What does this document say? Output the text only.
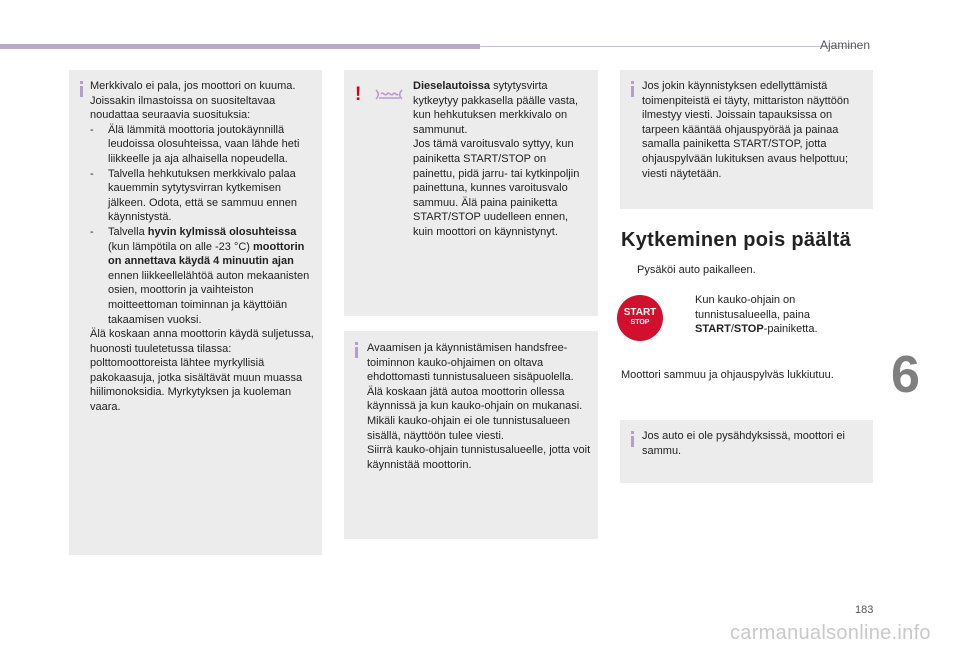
Ajaminen

Merkkivalo ei pala, jos moottori on kuuma. Joissakin ilmastoissa on suositeltavaa noudattaa seuraavia suosituksia:

- Älä lämmitä moottoria joutokäynnillä leudoissa olosuhteissa, vaan lähde heti liikkeelle ja aja alhaisella nopeudella.

- Talvella hehkutuksen merkkivalo palaa kauemmin sytytysvirran kytkemisen jälkeen. Odota, että se sammuu ennen käynnistystä.

- Talvella hyvin kylmissä olosuhteissa (kun lämpötila on alle -23 °C) moottorin on annettava käydä 4 minuutin ajan ennen liikkeellelähtöä auton mekaanisten osien, moottorin ja vaihteiston moitteettoman toiminnan ja käyttöiän takaamisen vuoksi.

Älä koskaan anna moottorin käydä suljetussa, huonosti tuuletetussa tilassa: polttomoottoreista lähtee myrkyllisiä pakokaasuja, jotka sisältävät muun muassa hiilimonoksidia. Myrkytyksen ja kuoleman vaara.

!	Dieselautoissa sytytysvirta kytkeytyy pakkasella päälle vasta, kun hehkutuksen merkkivalo on sammunut.

Jos tämä varoitusvalo syttyy, kun painiketta START/STOP on painettu, pidä jarru- tai kytkinpoljin painettuna, kunnes varoitusvalo sammuu. Älä paina painiketta START/STOP uudelleen ennen, kuin moottori on käynnistynyt.

Avaamisen ja käynnistämisen handsfree-toiminnon kauko-ohjaimen on oltava ehdottomasti tunnistusalueen sisäpuolella.

Älä koskaan jätä autoa moottorin ollessa käynnissä ja kun kauko-ohjain on mukanasi.

Mikäli kauko-ohjain ei ole tunnistusalueen sisällä, näyttöön tulee viesti.

Siirrä kauko-ohjain tunnistusalueelle, jotta voit käynnistää moottorin.

Jos jokin käynnistyksen edellyttämistä toimenpiteistä ei täyty, mittariston näyttöön ilmestyy viesti. Joissain tapauksissa on tarpeen kääntää ohjauspyörää ja painaa samalla painiketta START/STOP, jotta ohjauspylvään lukituksen avaus helpottuu; viesti näytetään.
Kytkeminen pois päältä
Pysäköi auto paikalleen.
START
STOP
Kun kauko-ohjain on tunnistusalueella, paina START/STOP-painiketta.
Moottori sammuu ja ohjauspylväs lukkiutuu.
Jos auto ei ole pysähdyksissä, moottori ei sammu.
6
183
carmanualsonline.info
